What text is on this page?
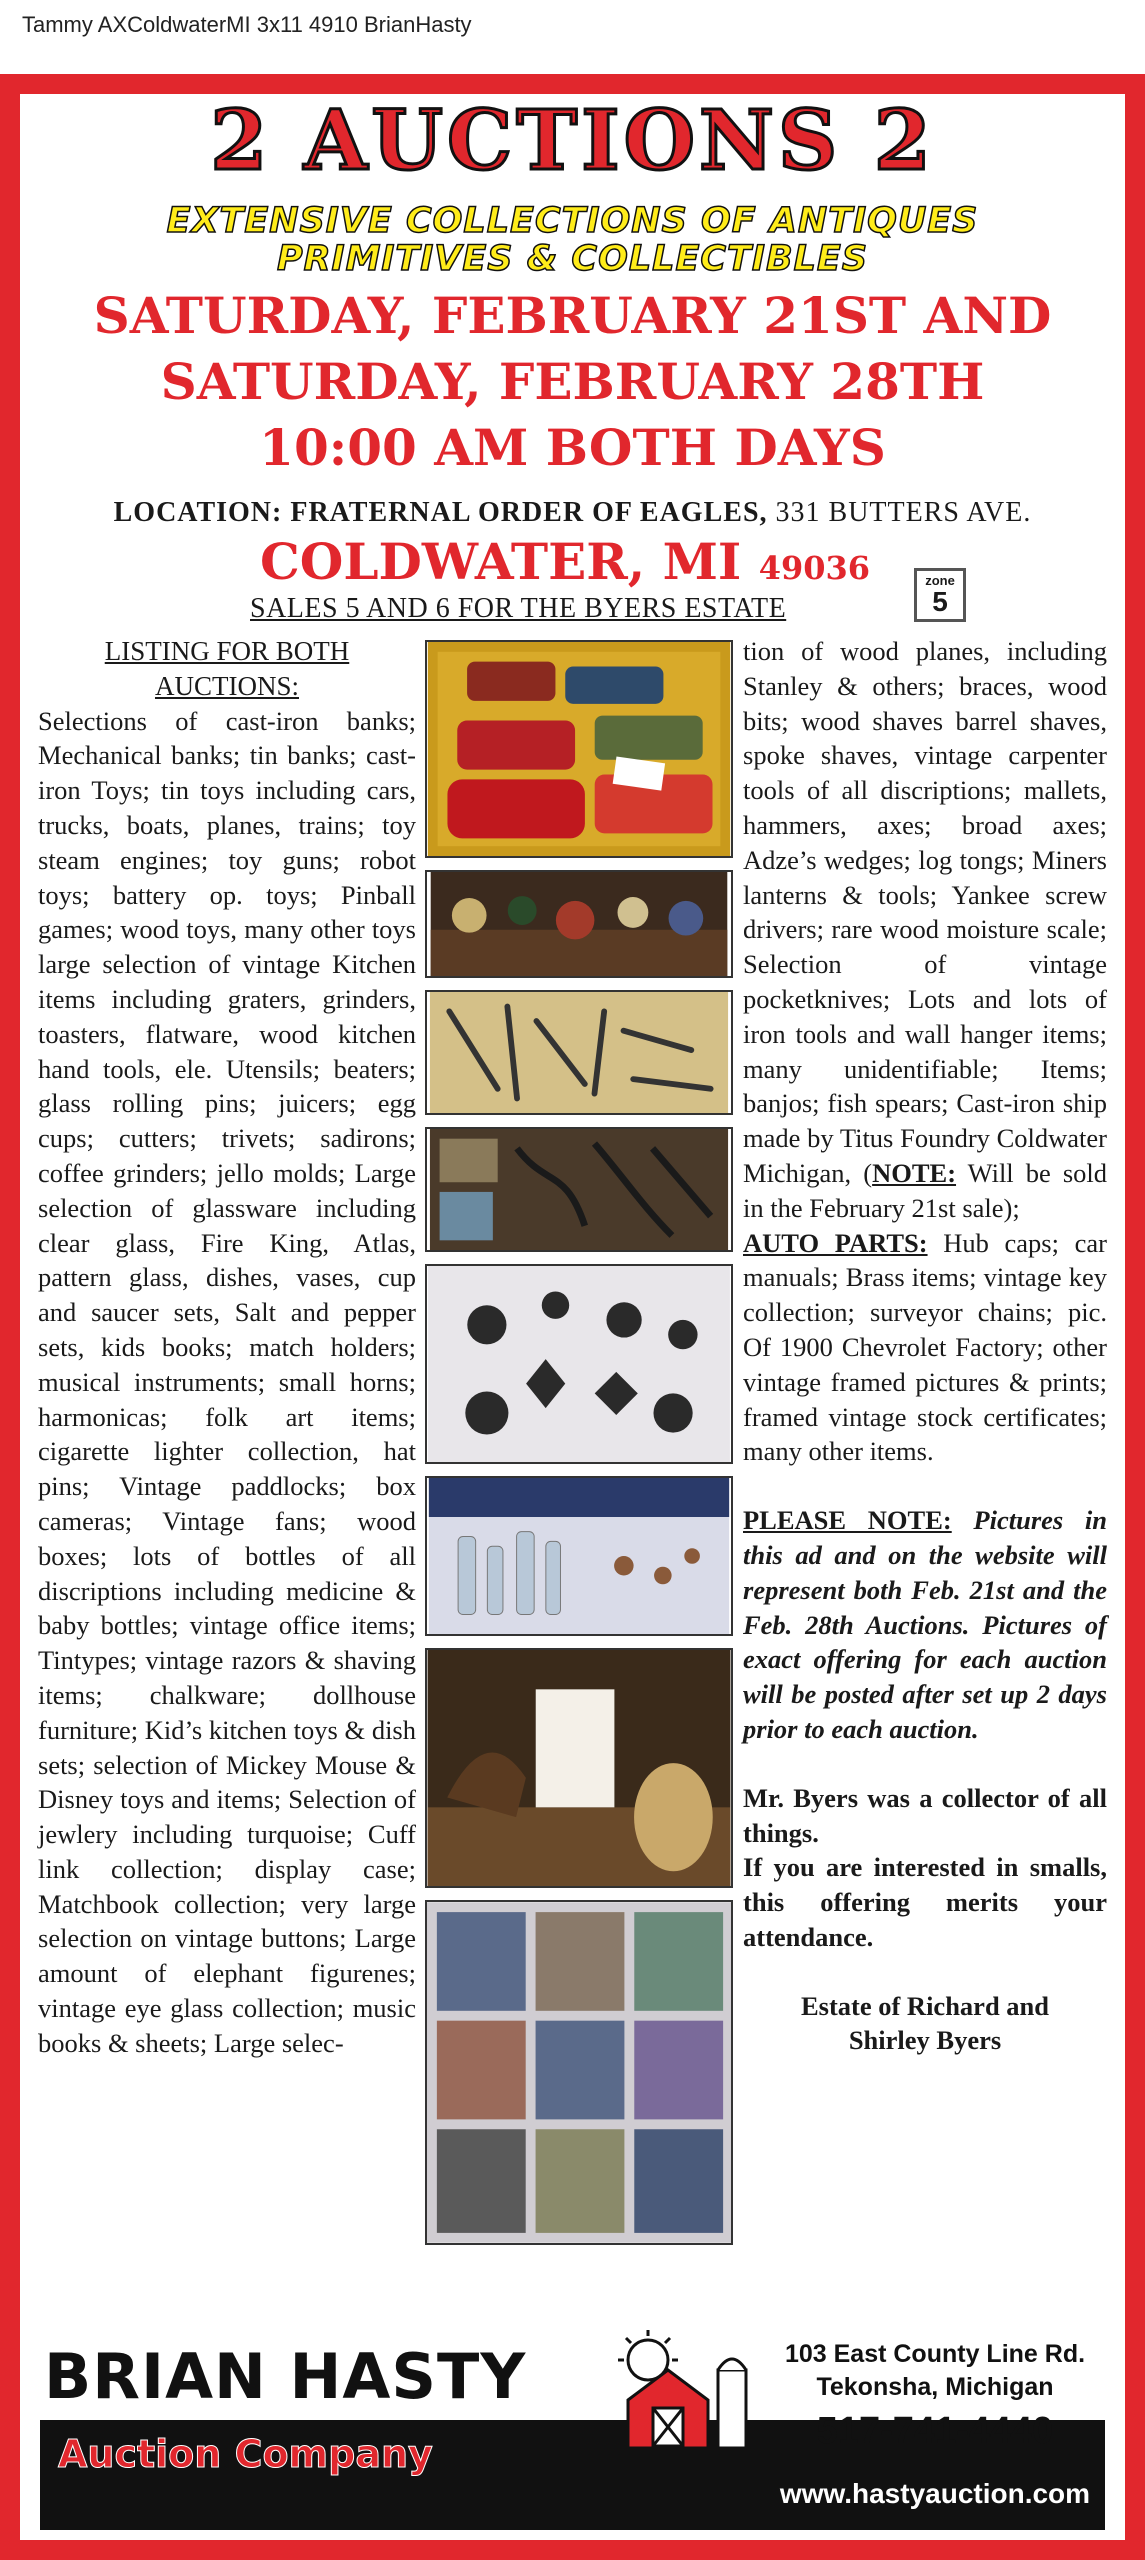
Tammy AXColdwaterMI 3x11 4910 BrianHasty
2 AUCTIONS 2
EXTENSIVE COLLECTIONS OF ANTIQUES
PRIMITIVES & COLLECTIBLES
SATURDAY, FEBRUARY 21ST AND
SATURDAY, FEBRUARY 28TH
10:00 AM BOTH DAYS
LOCATION: FRATERNAL ORDER OF EAGLES, 331 BUTTERS AVE.
COLDWATER, MI 49036
SALES 5 AND 6 FOR THE BYERS ESTATE
zone
5
LISTING FOR BOTH AUCTIONS:
Selections of cast-iron banks; Mechanical banks; tin banks; cast-iron Toys; tin toys including cars, trucks, boats, planes, trains; toy steam engines; toy guns; robot toys; battery op. toys; Pinball games; wood toys, many other toys large selection of vintage Kitchen items including graters, grinders, toasters, flatware, wood kitchen hand tools, ele. Utensils; beaters; glass rolling pins; juicers; egg cups; cutters; trivets; sadirons; coffee grinders; jello molds; Large selection of glassware including clear glass, Fire King, Atlas, pattern glass, dishes, vases, cup and saucer sets, Salt and pepper sets, kids books; match holders; musical instruments; small horns; harmonicas; folk art items; cigarette lighter collection, hat pins; Vintage paddlocks; box cameras; Vintage fans; wood boxes; lots of bottles of all discriptions including medicine & baby bottles; vintage office items; Tintypes; vintage razors & shaving items; chalkware; dollhouse furniture; Kid’s kitchen toys & dish sets; selection of Mickey Mouse & Disney toys and items; Selection of jewlery including turquoise; Cuff link collection; display case; Matchbook collection; very large selection on vintage buttons; Large amount of elephant figurenes; vintage eye glass collection; music books & sheets; Large selec-

tion of wood planes, including Stanley & others; braces, wood bits; wood shaves barrel shaves, spoke shaves, vintage carpenter tools of all discriptions; mallets, hammers, axes; broad axes; Adze’s wedges; log tongs; Miners lanterns & tools; Yankee screw drivers; rare wood moisture scale; Selection of vintage pocketknives; Lots and lots of iron tools and wall hanger items; many unidentifiable; Items; banjos; fish spears; Cast-iron ship made by Titus Foundry Coldwater Michigan, (NOTE: Will be sold in the February 21st sale);
AUTO PARTS: Hub caps; car manuals; Brass items; vintage key collection; surveyor chains; pic. Of 1900 Chevrolet Factory; other vintage framed pictures & prints; framed vintage stock certificates; many other items.
PLEASE NOTE: Pictures in this ad and on the website will represent both Feb. 21st and the Feb. 28th Auctions. Pictures of exact offering for each auction will be posted after set up 2 days prior to each auction.
Mr. Byers was a collector of all things.
If you are interested in smalls, this offering merits your attendance.
Estate of Richard and
Shirley Byers
BRIAN HASTY
Auction Company
103 East County Line Rd.
Tekonsha, Michigan
517-741-4440
www.hastyauction.com
